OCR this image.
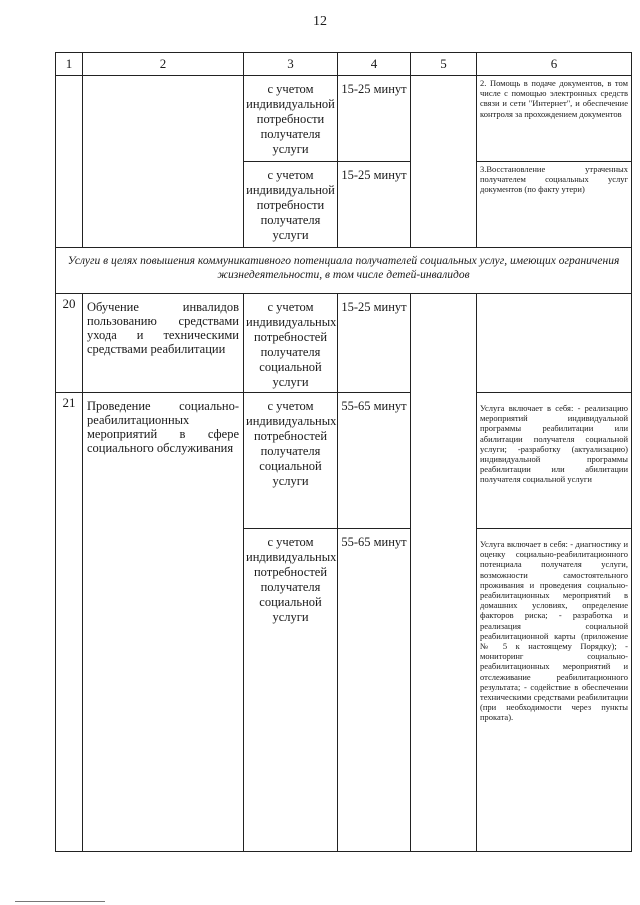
12
1	2	3	4	5	6
		с учетом индивидуальной потребности получателя услуги	15-25 минут		2. Помощь в подаче документов, в том числе с помощью электронных средств связи и сети "Интернет", и обеспечение контроля за прохождением документов
		с учетом индивидуальной потребности получателя услуги	15-25 минут		3.Восстановление утраченных получателем социальных услуг документов (по факту утери)
Услуги в целях повышения коммуникативного потенциала получателей социальных услуг, имеющих ограничения жизнедеятельности, в том числе детей-инвалидов					
20	Обучение инвалидов пользованию средствами ухода и техническими средствами реабилитации	с учетом индивидуальных потребностей получателя социальной услуги	15-25 минут		
21	Проведение социально-реабилитационных мероприятий в сфере социального обслуживания	с учетом индивидуальных потребностей получателя социальной услуги	55-65 минут		Услуга включает в себя: - реализацию мероприятий индивидуальной программы реабилитации или абилитации получателя социальной услуги; -разработку (актуализацию) индивидуальной программы реабилитации или абилитации получателя социальной услуги
		с учетом индивидуальных потребностей получателя социальной услуги	55-65 минут		Услуга включает в себя: - диагностику и оценку социально-реабилитационного потенциала получателя услуги, возможности самостоятельного проживания и проведения социально-реабилитационных мероприятий в домашних условиях, определение факторов риска; - разработка и реализация социальной реабилитационной карты (приложение № 5 к настоящему Порядку); - мониторинг социально-реабилитационных мероприятий и отслеживание реабилитационного результата; - содействие в обеспечении техническими средствами реабилитации (при необходимости через пункты проката).
